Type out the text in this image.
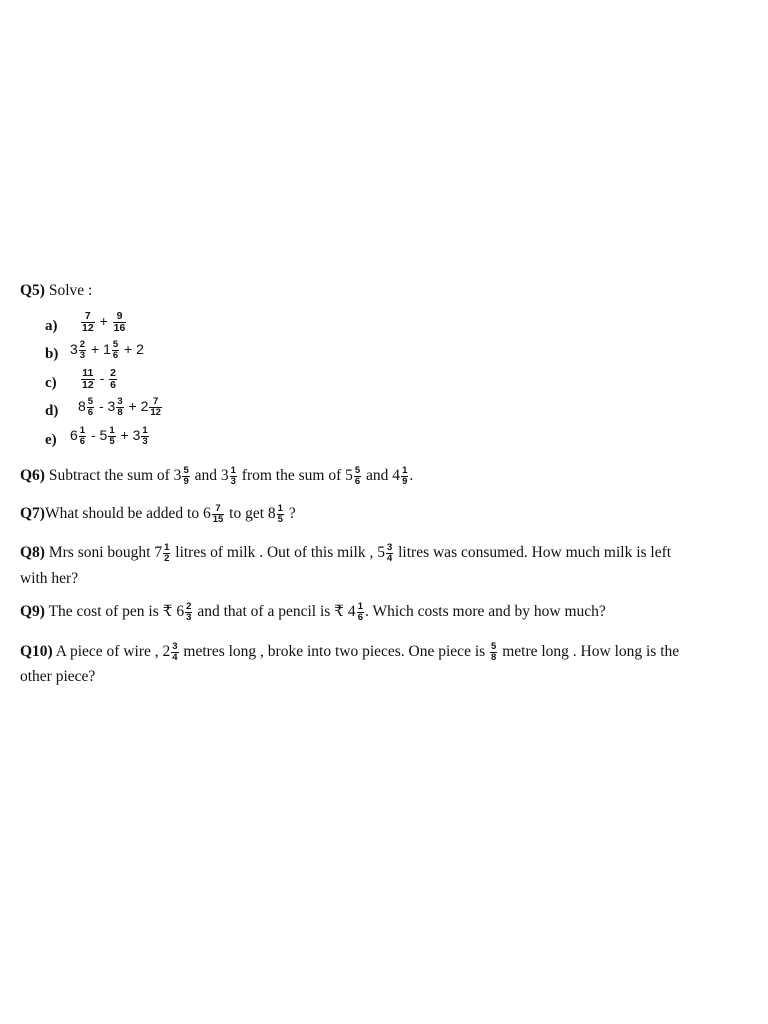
Q5) Solve :
$a) \frac{7}{12} + \frac{9}{16}$
b) $3 \frac{2}{3} + 1 \frac{5}{6} + 2$
$c) \frac{11}{12} - \frac{2}{6}$
d) $8 \frac{5}{6} - 3 \frac{3}{8} + 2 \frac{7}{12}$
e) $6 \frac{1}{6} - 5 \frac{1}{5} + 3 \frac{1}{3}$
Q6) Subtract the sum of $3 \frac{5}{9}$ and $3 \frac{1}{3}$ from the sum of $5 \frac{5}{6}$ and $4 \frac{1}{9}$ .
Q7)What should be added to $6 \frac{7}{15}$ to get $8 \frac{1}{5}$ ?
Q8) Mrs soni bought $7 \frac{1}{2}$ litres of milk . Out of this milk , $5 \frac{3}{4}$ litres was consumed. How much milk is left
with her?
Q9) The cost of pen is ₹ $6 \frac{2}{3}$ and that of a pencil is ₹ $4 \frac{1}{6}$ . Which costs more and by how much?
Q10) A piece of wire , $2 \frac{3}{4}$ metres long , broke into two pieces. One piece is $\frac{5}{8}$ metre long . How long is the
other piece?
